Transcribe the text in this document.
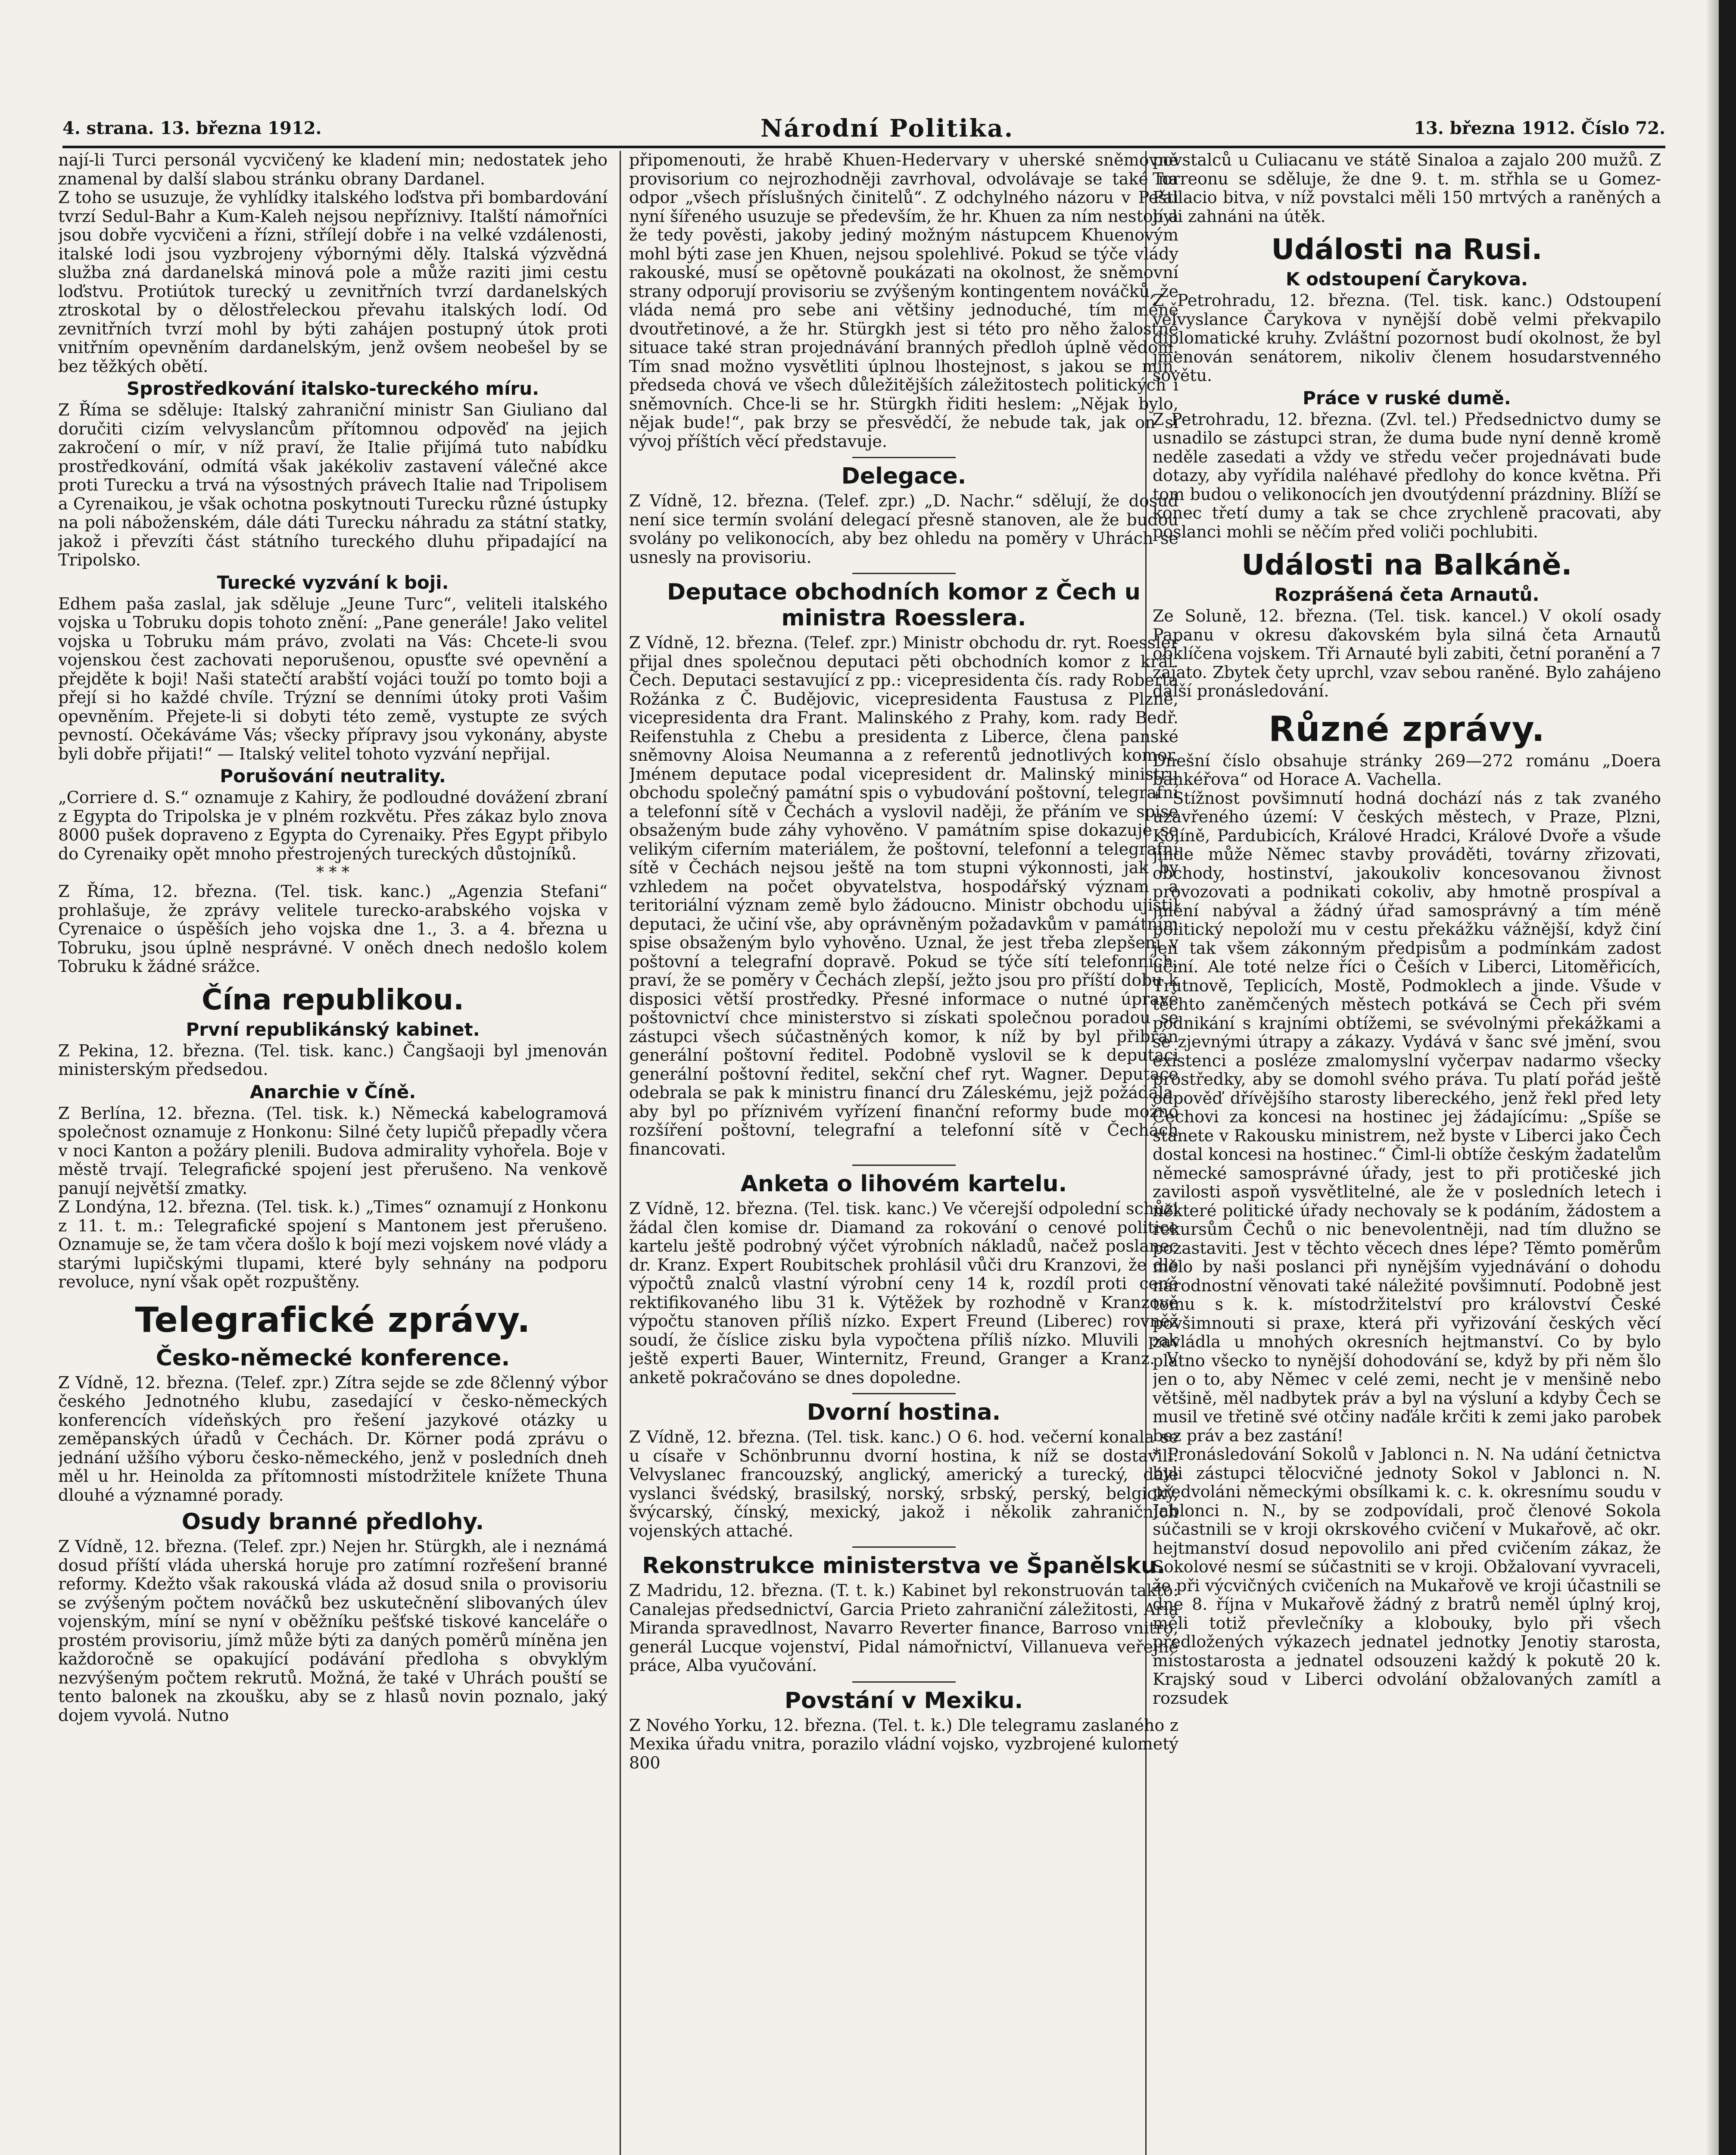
4. strana. 13. března 1912.	Národní Politika.	13. března 1912. Číslo 72.

nají-li Turci personál vycvičený ke kladení min; nedostatek jeho znamenal by další slabou stránku obrany Dardanel.

Z toho se usuzuje, že vyhlídky italského loďstva při bombardování tvrzí Sedul-Bahr a Kum-Kaleh nejsou nepříznivy. Italští námořníci jsou dobře vycvičeni a řízni, střílejí dobře i na velké vzdálenosti, italské lodi jsou vyzbrojeny výbornými děly. Italská výzvědná služba zná dardanelská minová pole a může raziti jimi cestu loďstvu. Protiútok turecký u zevnitřních tvrzí dardanelských ztroskotal by o dělostřeleckou převahu italských lodí. Od zevnitřních tvrzí mohl by býti zahájen postupný útok proti vnitřním opevněním dardanelským, jenž ovšem neobešel by se bez těžkých obětí.

Sprostředkování italsko-tureckého míru.

Z Říma se sděluje: Italský zahraniční ministr San Giuliano dal doručiti cizím velvyslancům přítomnou odpověď na jejich zakročení o mír, v níž praví, že Italie přijímá tuto nabídku prostředkování, odmítá však jakékoliv zastavení válečné akce proti Turecku a trvá na výsostných právech Italie nad Tripolisem a Cyrenaikou, je však ochotna poskytnouti Turecku různé ústupky na poli náboženském, dále dáti Turecku náhradu za státní statky, jakož i převzíti část státního tureckého dluhu připadající na Tripolsko.

Turecké vyzvání k boji.

Edhem paša zaslal, jak sděluje „Jeune Turc“, veliteli italského vojska u Tobruku dopis tohoto znění: „Pane generále! Jako velitel vojska u Tobruku mám právo, zvolati na Vás: Chcete-li svou vojenskou čest zachovati neporušenou, opusťte své opevnění a přejděte k boji! Naši statečtí arabští vojáci touží po tomto boji a přejí si ho každé chvíle. Trýzní se denními útoky proti Vašim opevněním. Přejete-li si dobyti této země, vystupte ze svých pevností. Očekáváme Vás; všecky přípravy jsou vykonány, abyste byli dobře přijati!“ — Italský velitel tohoto vyzvání nepřijal.

Porušování neutrality.

„Corriere d. S.“ oznamuje z Kahiry, že podloudné dovážení zbraní z Egypta do Tripolska je v plném rozkvětu. Přes zákaz bylo znova 8000 pušek dopraveno z Egypta do Cyrenaiky. Přes Egypt přibylo do Cyrenaiky opět mnoho přestrojených tureckých důstojníků.

* * *

Z Říma, 12. března. (Tel. tisk. kanc.) „Agenzia Stefani“ prohlašuje, že zprávy velitele turecko-arabského vojska v Cyrenaice o úspěších jeho vojska dne 1., 3. a 4. března u Tobruku, jsou úplně nesprávné. V oněch dnech nedošlo kolem Tobruku k žádné srážce.

Čína republikou.
První republikánský kabinet.

Z Pekina, 12. března. (Tel. tisk. kanc.) Čangšaoji byl jmenován ministerským předsedou.

Anarchie v Číně.

Z Berlína, 12. března. (Tel. tisk. k.) Německá kabelogramová společnost oznamuje z Honkonu: Silné čety lupičů přepadly včera v noci Kanton a požáry plenili. Budova admirality vyhořela. Boje v městě trvají. Telegrafické spojení jest přerušeno. Na venkově panují největší zmatky.

Z Londýna, 12. března. (Tel. tisk. k.) „Times“ oznamují z Honkonu z 11. t. m.: Telegrafické spojení s Mantonem jest přerušeno. Oznamuje se, že tam včera došlo k bojí mezi vojskem nové vlády a starými lupičskými tlupami, které byly sehnány na podporu revoluce, nyní však opět rozpuštěny.

Telegrafické zprávy.
Česko-německé konference.

Z Vídně, 12. března. (Telef. zpr.) Zítra sejde se zde 8členný výbor českého Jednotného klubu, zasedající v česko-německých konferencích vídeňských pro řešení jazykové otázky u zeměpanských úřadů v Čechách. Dr. Körner podá zprávu o jednání užšího výboru česko-německého, jenž v posledních dneh měl u hr. Heinolda za přítomnosti místodržitele knížete Thuna dlouhé a významné porady.

Osudy branné předlohy.

Z Vídně, 12. března. (Telef. zpr.) Nejen hr. Stürgkh, ale i neznámá dosud příští vláda uherská horuje pro zatímní rozřešení branné reformy. Kdežto však rakouská vláda až dosud snila o provisoriu se zvýšeným počtem nováčků bez uskutečnění slibovaných úlev vojenským, míní se nyní v oběžníku pešťské tiskové kanceláře o prostém provisoriu, jímž může býti za daných poměrů míněna jen každoročně se opakující podávání předloha s obvyklým nezvýšeným počtem rekrutů. Možná, že také v Uhrách pouští se tento balonek na zkoušku, aby se z hlasů novin poznalo, jaký dojem vyvolá. Nutno

připomenouti, že hrabě Khuen-Hedervary v uherské sněmovně provisorium co nejrozhodněji zavrhoval, odvolávaje se také na odpor „všech příslušných činitelů“. Z odchylného názoru v Pešti nyní šířeného usuzuje se především, že hr. Khuen za ním nestojí a že tedy pověsti, jakoby jediný možným nástupcem Khuenovým mohl býti zase jen Khuen, nejsou spolehlivé. Pokud se týče vlády rakouské, musí se opětovně poukázati na okolnost, že sněmovní strany odporují provisoriu se zvýšeným kontingentem nováčků, že vláda nemá pro sebe ani většiny jednoduché, tím méně dvoutřetinové, a že hr. Stürgkh jest si této pro něho žalostné situace také stran projednávání branných předloh úplně vědom. Tím snad možno vysvětliti úplnou lhostejnost, s jakou se min. předseda chová ve všech důležitějších záležitostech politických i sněmovních. Chce-li se hr. Stürgkh řiditi heslem: „Nějak bylo, nějak bude!“, pak brzy se přesvědčí, že nebude tak, jak on si vývoj příštích věcí představuje.

Delegace.

Z Vídně, 12. března. (Telef. zpr.) „D. Nachr.“ sdělují, že dosud není sice termín svolání delegací přesně stanoven, ale že budou svolány po velikonocích, aby bez ohledu na poměry v Uhrách se usnesly na provisoriu.

Deputace obchodních komor z Čech u ministra Roesslera.

Z Vídně, 12. března. (Telef. zpr.) Ministr obchodu dr. ryt. Roessler přijal dnes společnou deputaci pěti obchodních komor z král. Čech. Deputaci sestavující z pp.: vicepresidenta čís. rady Roberta Rožánka z Č. Budějovic, vicepresidenta Faustusa z Plzně, vicepresidenta dra Frant. Malinského z Prahy, kom. rady Bedř. Reifenstuhla z Chebu a presidenta z Liberce, člena panské sněmovny Aloisa Neumanna a z referentů jednotlivých komor. Jménem deputace podal vicepresident dr. Malinský ministru obchodu společný památní spis o vybudování poštovní, telegrafní a telefonní sítě v Čechách a vyslovil naději, že přáním ve spise obsaženým bude záhy vyhověno. V památním spise dokazuje se velikým ciferním materiálem, že poštovní, telefonní a telegrafní sítě v Čechách nejsou ještě na tom stupni výkonnosti, jak by vzhledem na počet obyvatelstva, hospodářský význam a teritoriální význam země bylo žádoucno. Ministr obchodu ujistil deputaci, že učiní vše, aby oprávněným požadavkům v památním spise obsaženým bylo vyhověno. Uznal, že jest třeba zlepšení v poštovní a telegrafní dopravě. Pokud se týče sítí telefonních, praví, že se poměry v Čechách zlepší, ježto jsou pro příští dobu k disposici větší prostředky. Přesné informace o nutné úpravě poštovnictví chce ministerstvo si získati společnou poradou se zástupci všech súčastněných komor, k níž by byl přibrán generální poštovní ředitel. Podobně vyslovil se k deputaci generální poštovní ředitel, sekční chef ryt. Wagner. Deputace odebrala se pak k ministru financí dru Záleskému, jejž požádala, aby byl po příznivém vyřízení finanční reformy bude možno rozšíření poštovní, telegrafní a telefonní sítě v Čechách financovati.

Anketa o lihovém kartelu.

Z Vídně, 12. března. (Tel. tisk. kanc.) Ve včerejší odpolední schůzi žádal člen komise dr. Diamand za rokování o cenové politice kartelu ještě podrobný výčet výrobních nákladů, načež poslanec dr. Kranz. Expert Roubitschek prohlásil vůči dru Kranzovi, že dle výpočtů znalců vlastní výrobní ceny 14 k, rozdíl proti ceně rektifikovaného libu 31 k. Výtěžek by rozhodně v Kranzově výpočtu stanoven příliš nízko. Expert Freund (Liberec) rovněž soudí, že číslice zisku byla vypočtena příliš nízko. Mluvili pak ještě experti Bauer, Winternitz, Freund, Granger a Kranz. V anketě pokračováno se dnes dopoledne.

Dvorní hostina.

Z Vídně, 12. března. (Tel. tisk. kanc.) O 6. hod. večerní konala se u císaře v Schönbrunnu dvorní hostina, k níž se dostavili: Velvyslanec francouzský, anglický, americký a turecký, dále vyslanci švédský, brasilský, norský, srbský, perský, belgický, švýcarský, čínský, mexický, jakož i několik zahraničních vojenských attaché.

Rekonstrukce ministerstva ve Španělsku.

Z Madridu, 12. března. (T. t. k.) Kabinet byl rekonstruován takto: Canalejas předsednictví, Garcia Prieto zahraniční záležitosti, Aria Miranda spravedlnost, Navarro Reverter finance, Barroso vnitro, generál Lucque vojenství, Pidal námořnictví, Villanueva veřejné práce, Alba vyučování.

Povstání v Mexiku.

Z Nového Yorku, 12. března. (Tel. t. k.) Dle telegramu zaslaného z Mexika úřadu vnitra, porazilo vládní vojsko, vyzbrojené kulometý 800

povstalců u Culiacanu ve státě Sinaloa a zajalo 200 mužů. Z Torreonu se sděluje, že dne 9. t. m. střhla se u Gomez-Pallacio bitva, v níž povstalci měli 150 mrtvých a raněných a byli zahnáni na útěk.

Události na Rusi.
K odstoupení Čarykova.

Z Petrohradu, 12. března. (Tel. tisk. kanc.) Odstoupení velvyslance Čarykova v nynější době velmi překvapilo diplomatické kruhy. Zvláštní pozornost budí okolnost, že byl jmenován senátorem, nikoliv členem hosudarstvenného sovětu.

Práce v ruské dumě.

Z Petrohradu, 12. března. (Zvl. tel.) Předsednictvo dumy se usnadilo se zástupci stran, že duma bude nyní denně kromě neděle zasedati a vždy ve středu večer projednávati bude dotazy, aby vyřídila naléhavé předlohy do konce května. Při tom budou o velikonocích jen dvoutýdenní prázdniny. Blíží se konec třetí dumy a tak se chce zrychleně pracovati, aby poslanci mohli se něčím před voliči pochlubiti.

Události na Balkáně.
Rozprášená četa Arnautů.

Ze Soluně, 12. března. (Tel. tisk. kancel.) V okolí osady Papanu v okresu ďakovském byla silná četa Arnautů obklíčena vojskem. Tři Arnauté byli zabiti, četní poranění a 7 zajato. Zbytek čety uprchl, vzav sebou raněné. Bylo zahájeno další pronásledování.

Různé zprávy.

Dnešní číslo obsahuje stránky 269—272 románu „Doera bankéřova“ od Horace A. Vachella.

* Stížnost povšimnutí hodná dochází nás z tak zvaného uzavřeného území: V českých městech, v Praze, Plzni, Kolíně, Pardubicích, Králové Hradci, Králové Dvoře a všude jinde může Němec stavby prováděti, továrny zřizovati, obchody, hostinství, jakoukoliv koncesovanou živnost provozovati a podnikati cokoliv, aby hmotně prospíval a jmění nabýval a žádný úřad samosprávný a tím méně politický nepoloží mu v cestu překážku vážnější, když činí jen tak všem zákonným předpisům a podmínkám zadost učiní. Ale toté nelze říci o Češích v Liberci, Litoměřicích, Trutnově, Teplicích, Mostě, Podmoklech a jinde. Všude v těchto zaněmčených městech potkává se Čech při svém podnikání s krajními obtížemi, se svévolnými překážkami a se zjevnými útrapy a zákazy. Vydává v šanc své jmění, svou existenci a posléze zmalomyslní vyčerpav nadarmo všecky prostředky, aby se domohl svého práva. Tu platí pořád ještě odpověď dřívějšího starosty libereckého, jenž řekl před lety Čechovi za koncesi na hostinec jej žádajícímu: „Spíše se stanete v Rakousku ministrem, než byste v Liberci jako Čech dostal koncesi na hostinec.“ Čiml-li obtíže českým žadatelům německé samosprávné úřady, jest to při protičeské jich zavilosti aspoň vysvětlitelné, ale že v posledních letech i některé politické úřady nechovaly se k podáním, žádostem a rekursům Čechů o nic benevolentněji, nad tím dlužno se pozastaviti. Jest v těchto věcech dnes lépe? Těmto poměrům mělo by naši poslanci při nynějším vyjednávání o dohodu národnostní věnovati také náležité povšimnutí. Podobně jest tomu s k. k. místodržitelství pro království České povšimnouti si praxe, která při vyřizování českých věcí zavládla u mnohých okresních hejtmanství. Co by bylo platno všecko to nynější dohodování se, když by při něm šlo jen o to, aby Němec v celé zemi, necht je v menšině nebo většině, měl nadbytek práv a byl na výsluní a kdyby Čech se musil ve třetině své otčiny naďále krčiti k zemi jako parobek bez práv a bez zastání!

* Pronásledování Sokolů v Jablonci n. N. Na udání četnictva byli zástupci tělocvičné jednoty Sokol v Jablonci n. N. předvoláni německými obsílkami k. c. k. okresnímu soudu v Jablonci n. N., by se zodpovídali, proč členové Sokola súčastnili se v kroji okrskového cvičení v Mukařově, ač okr. hejtmanství dosud nepovolilo ani před cvičením zákaz, že Sokolové nesmí se súčastniti se v kroji. Obžalovaní vyvraceli, že při výcvičných cvičeních na Mukařově ve kroji účastnili se dne 8. října v Mukařově žádný z bratrů neměl úplný kroj, měli totiž převlečníky a klobouky, bylo při všech předložených výkazech jednatel jednotky Jenotiy starosta, místostarosta a jednatel odsouzeni každý k pokutě 20 k. Krajský soud v Liberci odvolání obžalovaných zamítl a rozsudek
